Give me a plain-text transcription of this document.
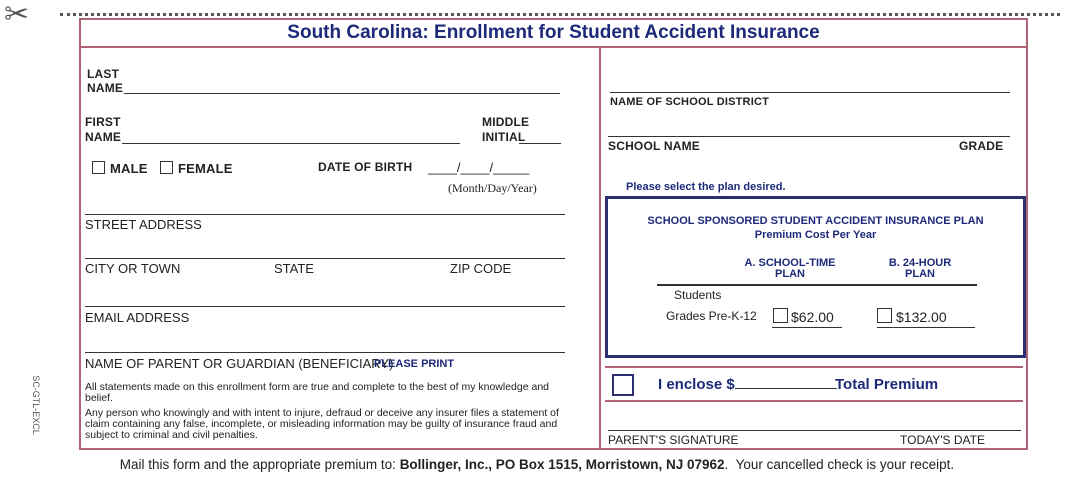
✂
South Carolina: Enrollment for Student Accident Insurance
SC-GTL-EXCL
LAST
NAME
FIRST
NAME
MIDDLE
INITIAL
MALE	FEMALE	DATE OF BIRTH ____/____/_____
(Month/Day/Year)
STREET ADDRESS
CITY OR TOWN	STATE	ZIP CODE
EMAIL ADDRESS
NAME OF PARENT OR GUARDIAN (BENEFICIARY)
PLEASE PRINT
All statements made on this enrollment form are true and complete to the best of my knowledge and belief.
Any person who knowingly and with intent to injure, defraud or deceive any insurer files a statement of claim containing any false, incomplete, or misleading information may be guilty of insurance fraud and subject to criminal and civil penalties.
NAME OF SCHOOL DISTRICT
SCHOOL NAME	GRADE
Please select the plan desired.
SCHOOL SPONSORED STUDENT ACCIDENT INSURANCE PLAN
Premium Cost Per Year
A. SCHOOL-TIME
PLAN
B. 24-HOUR
PLAN
Students
Grades Pre-K-12	$62.00	$132.00
I enclose $	Total Premium
PARENT'S SIGNATURE	TODAY'S DATE
Mail this form and the appropriate premium to: Bollinger, Inc., PO Box 1515, Morristown, NJ 07962.  Your cancelled check is your receipt.
